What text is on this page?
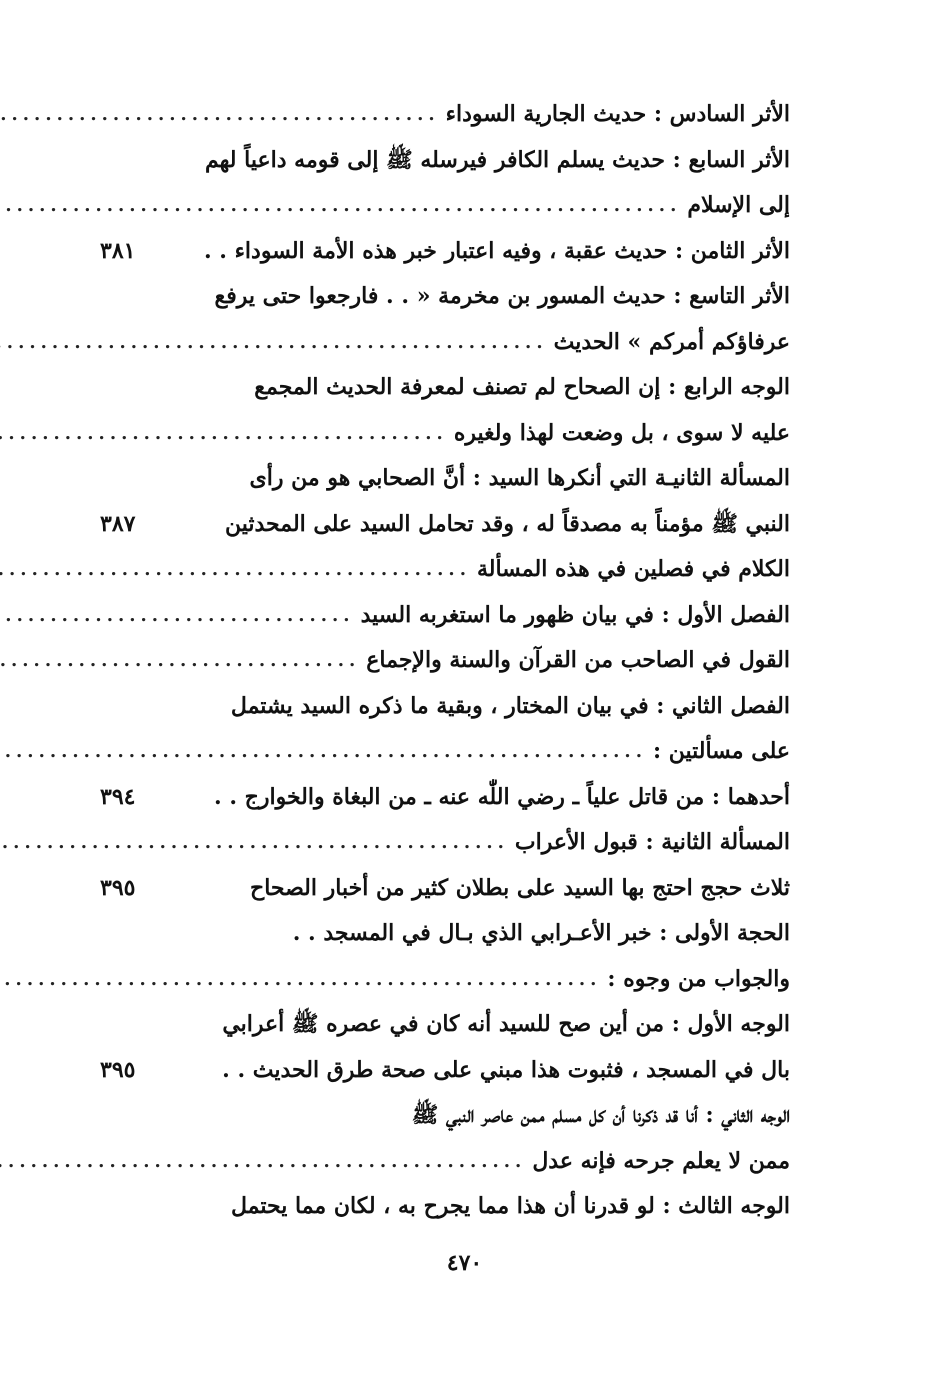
الأثر السادس : حديث الجارية السوداء
.....
الأثر السابع : حديث يسلم الكافر فيرسله ﷺ إلى قومه داعياً لهم
إلى الإسلام
.....
الأثر الثامن : حديث عقبة ، وفيه اعتبار خبر هذه الأمة السوداء . .
٣٨١
الأثر التاسع : حديث المسور بن مخرمة « . . فارجعوا حتى يرفع
عرفاؤكم أمركم » الحديث
.....
الوجه الرابع : إن الصحاح لم تصنف لمعرفة الحديث المجمع
عليه لا سوى ، بل وضعت لهذا ولغيره
.....
المسألة الثانيـة التي أنكرها السيد : أنَّ الصحابي هو من رأى
النبي ﷺ مؤمناً به مصدقاً له ، وقد تحامل السيد على المحدثين
٣٨٧
الكلام في فصلين في هذه المسألة
.....
الفصل الأول : في بيان ظهور ما استغربه السيد
.....
القول في الصاحب من القرآن والسنة والإجماع
.....
الفصل الثاني : في بيان المختار ، وبقية ما ذكره السيد يشتمل
على مسألتين :
.....
أحدهما : من قاتل علياً ـ رضي اللّٰه عنه ـ من البغاة والخوارج . .
٣٩٤
المسألة الثانية : قبول الأعراب
.....
ثلاث حجج احتج بها السيد على بطلان كثير من أخبار الصحاح
٣٩٥
الحجة الأولى : خبر الأعـرابي الذي بـال في المسجد . .
والجواب من وجوه :
.....
الوجه الأول : من أين صح للسيد أنه كان في عصره ﷺ أعرابي
بال في المسجد ، فثبوت هذا مبني على صحة طرق الحديث . .
٣٩٥
الوجه الثاني : أنا قد ذكرنا أن كل مسلم ممن عاصر النبي ﷺ
ممن لا يعلم جرحه فإنه عدل
.....
الوجه الثالث : لو قدرنا أن هذا مما يجرح به ، لكان مما يحتمل
٤٧٠
